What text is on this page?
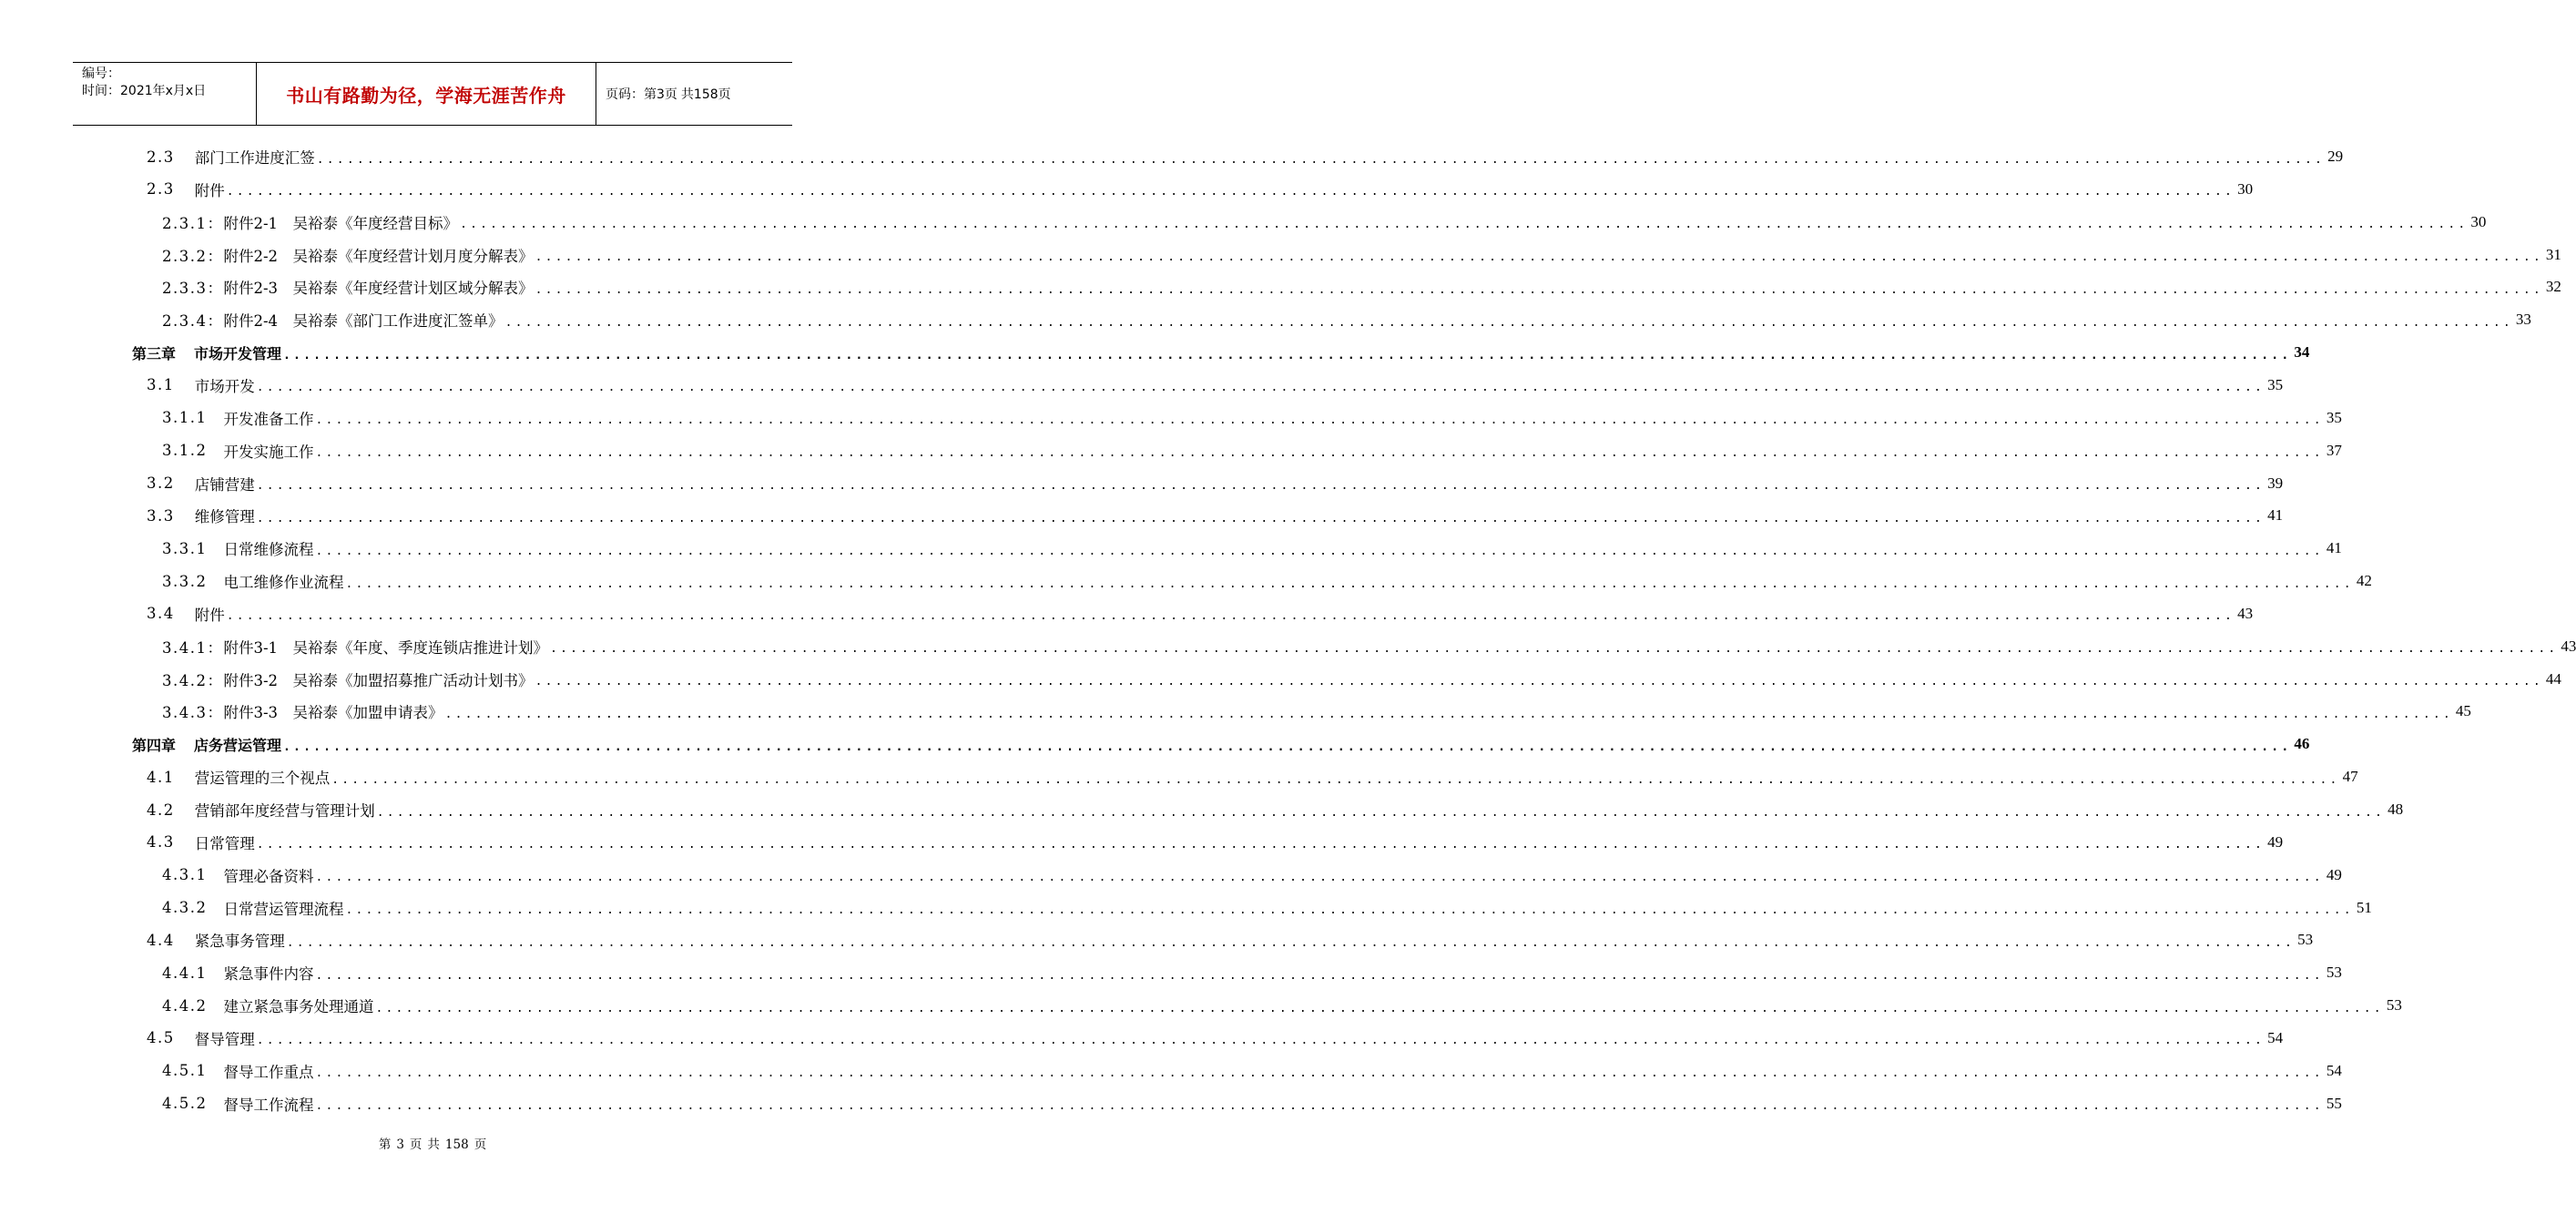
编号：
时间：2021年x月x日	书山有路勤为径，学海无涯苦作舟	页码：第3页 共158页
2.3 部门工作进度汇签 ........................................................................................................................................................................................................ 29
2.3 附件 ........................................................................................................................................................................................................ 30
2.3.1： 附件2-1　吴裕泰《年度经营目标》 ........................................................................................................................................................................................................ 30
2.3.2： 附件2-2　吴裕泰《年度经营计划月度分解表》 ........................................................................................................................................................................................................ 31
2.3.3： 附件2-3　吴裕泰《年度经营计划区域分解表》 ........................................................................................................................................................................................................ 32
2.3.4： 附件2-4　吴裕泰《部门工作进度汇签单》 ........................................................................................................................................................................................................ 33
第三章 市场开发管理 ........................................................................................................................................................................................................ 34
3.1 市场开发 ........................................................................................................................................................................................................ 35
3.1.1 开发准备工作 ........................................................................................................................................................................................................ 35
3.1.2 开发实施工作 ........................................................................................................................................................................................................ 37
3.2 店铺营建 ........................................................................................................................................................................................................ 39
3.3 维修管理 ........................................................................................................................................................................................................ 41
3.3.1 日常维修流程 ........................................................................................................................................................................................................ 41
3.3.2 电工维修作业流程 ........................................................................................................................................................................................................ 42
3.4 附件 ........................................................................................................................................................................................................ 43
3.4.1： 附件3-1　吴裕泰《年度、季度连锁店推进计划》 ........................................................................................................................................................................................................ 43
3.4.2： 附件3-2　吴裕泰《加盟招募推广活动计划书》 ........................................................................................................................................................................................................ 44
3.4.3： 附件3-3　吴裕泰《加盟申请表》 ........................................................................................................................................................................................................ 45
第四章 店务营运管理 ........................................................................................................................................................................................................ 46
4.1 营运管理的三个视点 ........................................................................................................................................................................................................ 47
4.2 营销部年度经营与管理计划 ........................................................................................................................................................................................................ 48
4.3 日常管理 ........................................................................................................................................................................................................ 49
4.3.1 管理必备资料 ........................................................................................................................................................................................................ 49
4.3.2 日常营运管理流程 ........................................................................................................................................................................................................ 51
4.4 紧急事务管理 ........................................................................................................................................................................................................ 53
4.4.1 紧急事件内容 ........................................................................................................................................................................................................ 53
4.4.2 建立紧急事务处理通道 ........................................................................................................................................................................................................ 53
4.5 督导管理 ........................................................................................................................................................................................................ 54
4.5.1 督导工作重点 ........................................................................................................................................................................................................ 54
4.5.2 督导工作流程 ........................................................................................................................................................................................................ 55
第 3 页 共 158 页
